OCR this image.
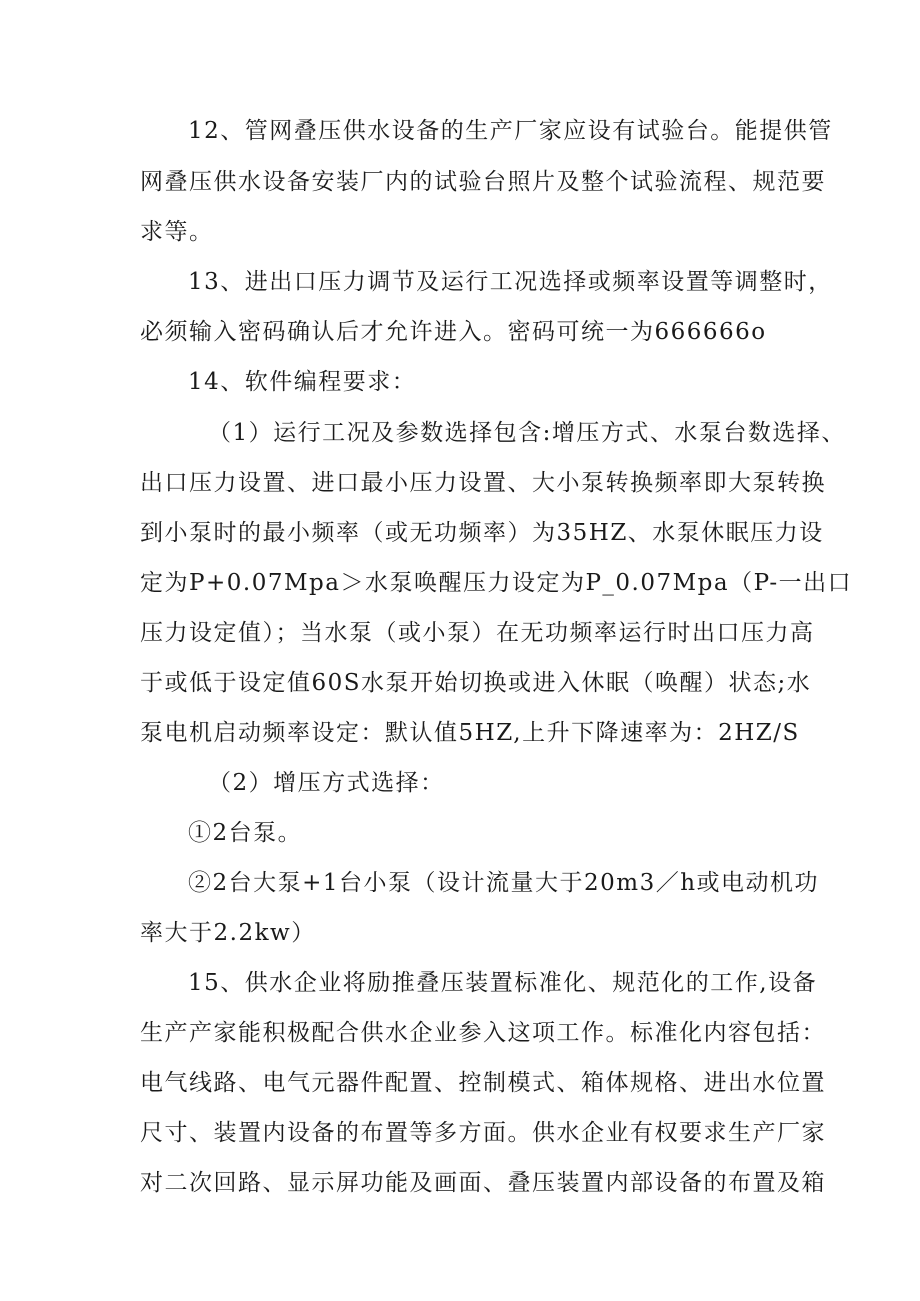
12、管网叠压供水设备的生产厂家应设有试验台。能提供管
网叠压供水设备安装厂内的试验台照片及整个试验流程、规范要
求等。
13、进出口压力调节及运行工况选择或频率设置等调整时，
必须输入密码确认后才允许进入。密码可统一为666666o
14、软件编程要求：
（1）运行工况及参数选择包含:增压方式、水泵台数选择、
出口压力设置、进口最小压力设置、大小泵转换频率即大泵转换
到小泵时的最小频率（或无功频率）为35HZ、水泵休眠压力设
定为P+0.07Mpa＞水泵唤醒压力设定为P_0.07Mpa（P-一出口
压力设定值）；当水泵（或小泵）在无功频率运行时出口压力高
于或低于设定值60S水泵开始切换或进入休眠（唤醒）状态;水
泵电机启动频率设定：默认值5HZ,上升下降速率为：2HZ/S
（2）增压方式选择：
①2台泵。
②2台大泵+1台小泵（设计流量大于20m3／h或电动机功
率大于2.2kw）
15、供水企业将励推叠压装置标准化、规范化的工作,设备
生产产家能积极配合供水企业参入这项工作。标准化内容包括：
电气线路、电气元器件配置、控制模式、箱体规格、进出水位置
尺寸、装置内设备的布置等多方面。供水企业有权要求生产厂家
对二次回路、显示屏功能及画面、叠压装置内部设备的布置及箱
